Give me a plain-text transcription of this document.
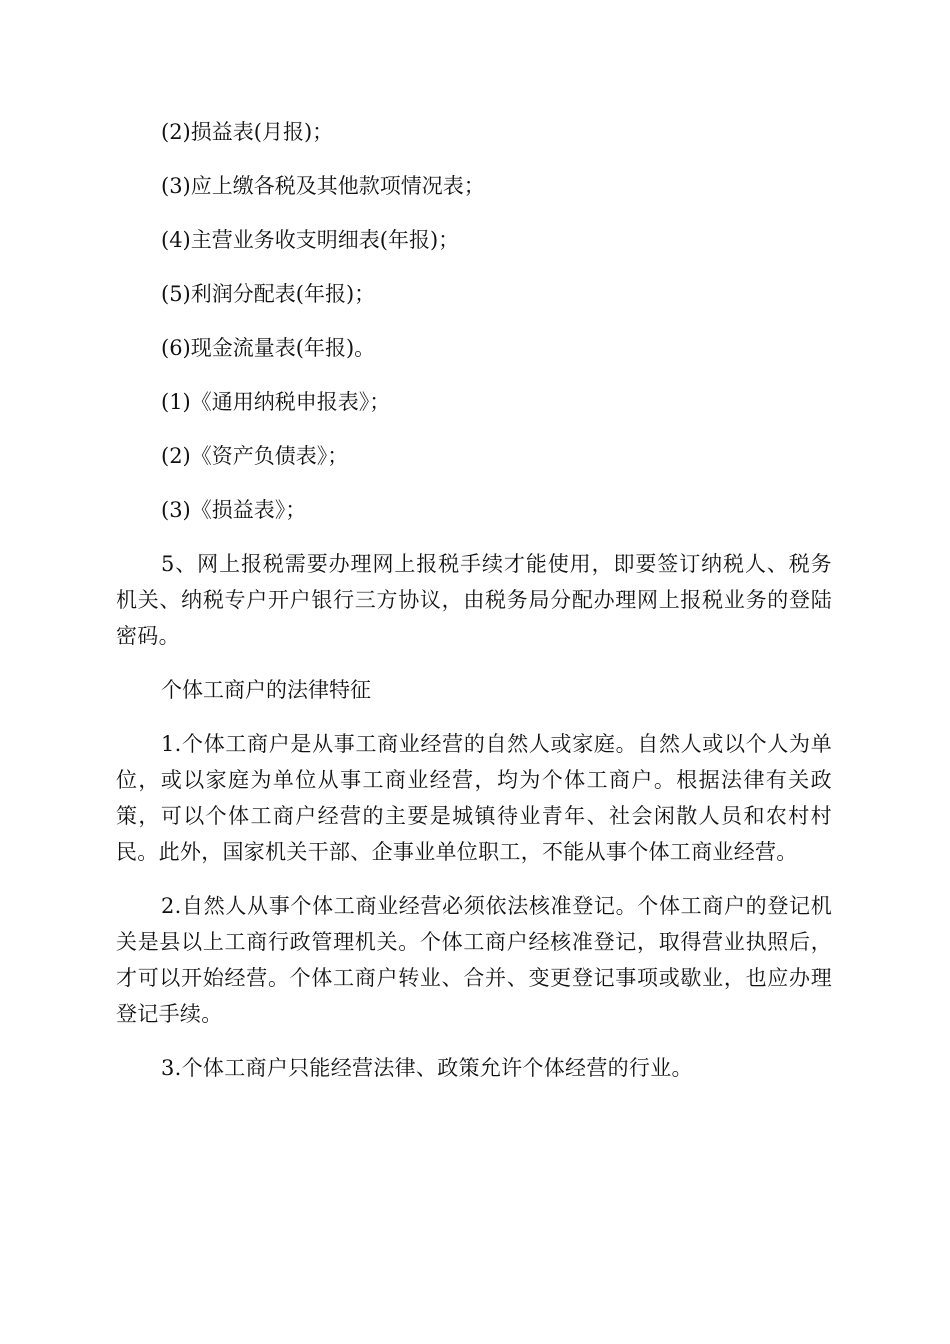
(2)损益表(月报)；

(3)应上缴各税及其他款项情况表；

(4)主营业务收支明细表(年报)；

(5)利润分配表(年报)；

(6)现金流量表(年报)。

(1)《通用纳税申报表》；

(2)《资产负债表》；

(3)《损益表》；

5、网上报税需要办理网上报税手续才能使用，即要签订纳税人、税务机关、纳税专户开户银行三方协议，由税务局分配办理网上报税业务的登陆密码。

个体工商户的法律特征

1.个体工商户是从事工商业经营的自然人或家庭。自然人或以个人为单位，或以家庭为单位从事工商业经营，均为个体工商户。根据法律有关政策，可以个体工商户经营的主要是城镇待业青年、社会闲散人员和农村村民。此外，国家机关干部、企事业单位职工，不能从事个体工商业经营。

2.自然人从事个体工商业经营必须依法核准登记。个体工商户的登记机关是县以上工商行政管理机关。个体工商户经核准登记，取得营业执照后，才可以开始经营。个体工商户转业、合并、变更登记事项或歇业，也应办理登记手续。

3.个体工商户只能经营法律、政策允许个体经营的行业。
